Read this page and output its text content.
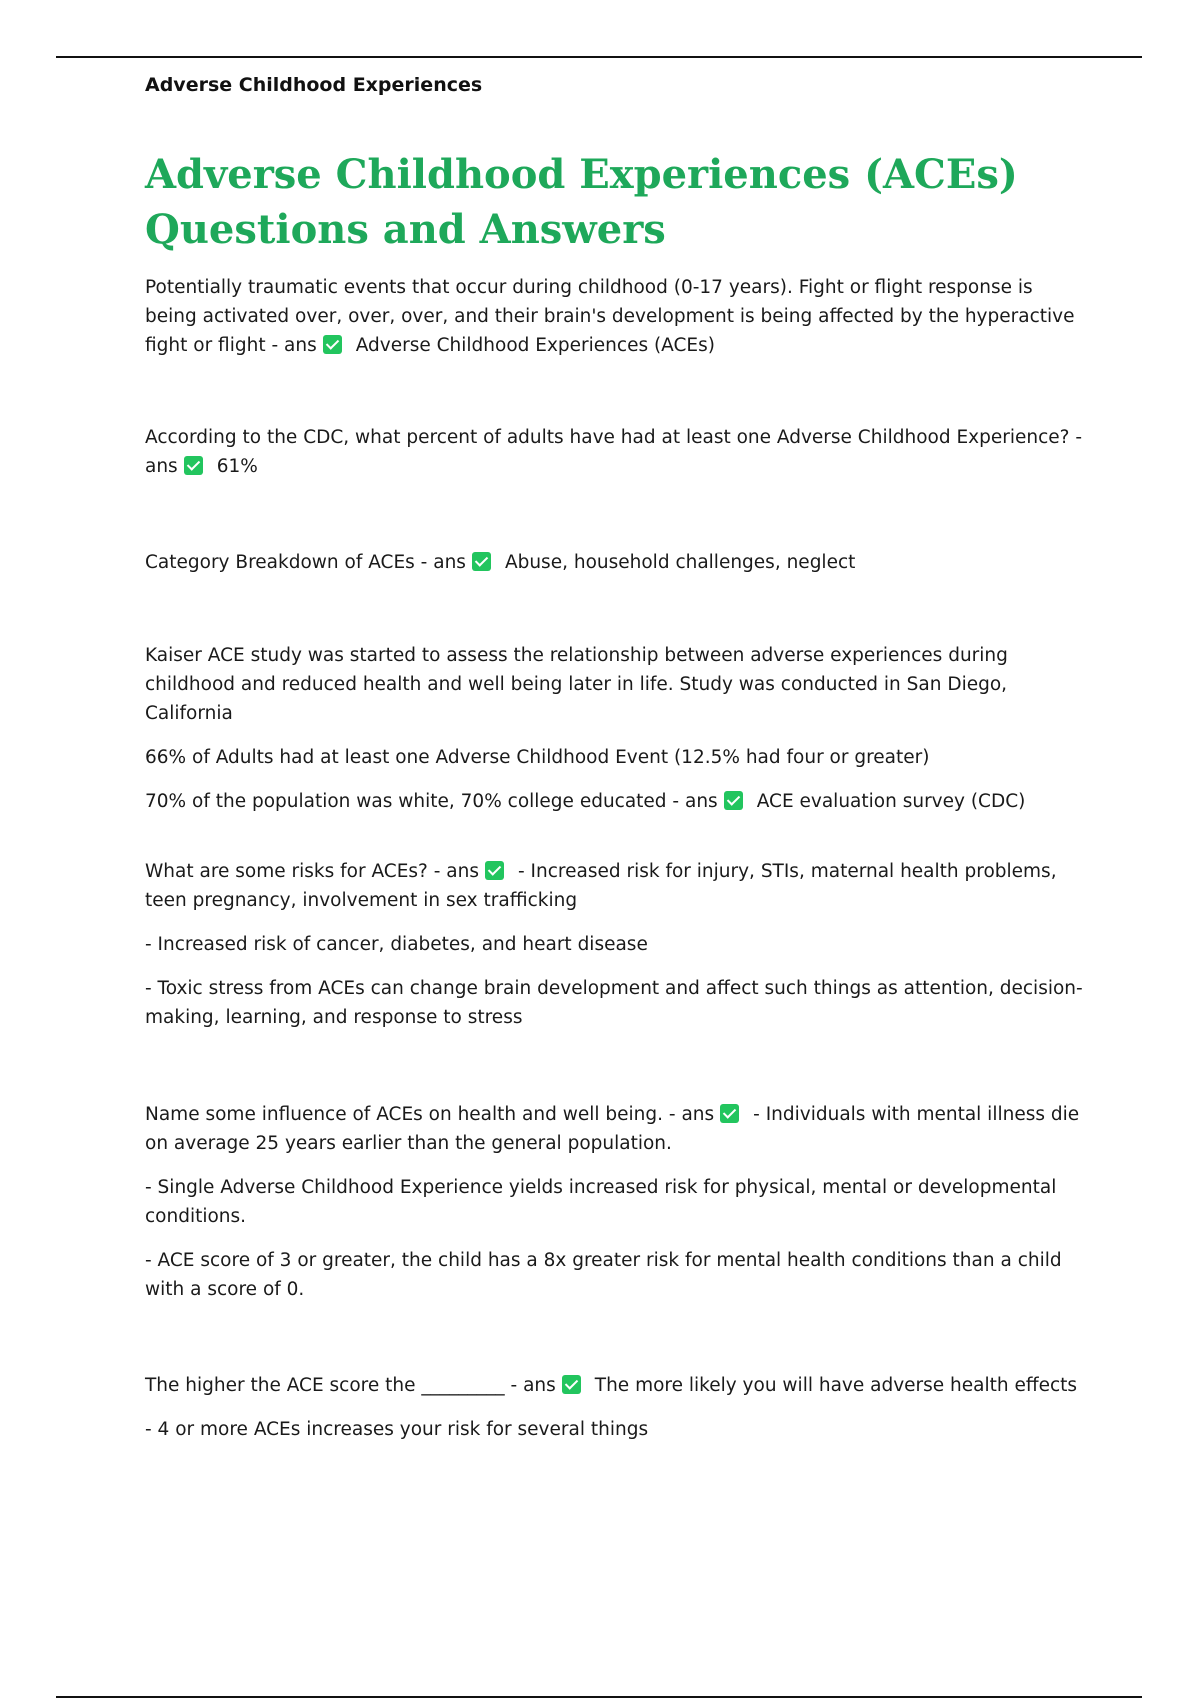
Adverse Childhood Experiences
Adverse Childhood Experiences (ACEs)
Questions and Answers

Potentially traumatic events that occur during childhood (0-17 years). Fight or flight response is being activated over, over, over, and their brain's development is being affected by the hyperactive fight or flight - ans Adverse Childhood Experiences (ACEs)

According to the CDC, what percent of adults have had at least one Adverse Childhood Experience? - ans 61%

Category Breakdown of ACEs - ans Abuse, household challenges, neglect

Kaiser ACE study was started to assess the relationship between adverse experiences during childhood and reduced health and well being later in life. Study was conducted in San Diego, California

66% of Adults had at least one Adverse Childhood Event (12.5% had four or greater)

70% of the population was white, 70% college educated - ans ACE evaluation survey (CDC)

What are some risks for ACEs? - ans - Increased risk for injury, STIs, maternal health problems, teen pregnancy, involvement in sex trafficking

- Increased risk of cancer, diabetes, and heart disease

- Toxic stress from ACEs can change brain development and affect such things as attention, decision-making, learning, and response to stress

Name some influence of ACEs on health and well being. - ans - Individuals with mental illness die on average 25 years earlier than the general population.

- Single Adverse Childhood Experience yields increased risk for physical, mental or developmental conditions.

- ACE score of 3 or greater, the child has a 8x greater risk for mental health conditions than a child with a score of 0.

The higher the ACE score the _________ - ans The more likely you will have adverse health effects

- 4 or more ACEs increases your risk for several things
